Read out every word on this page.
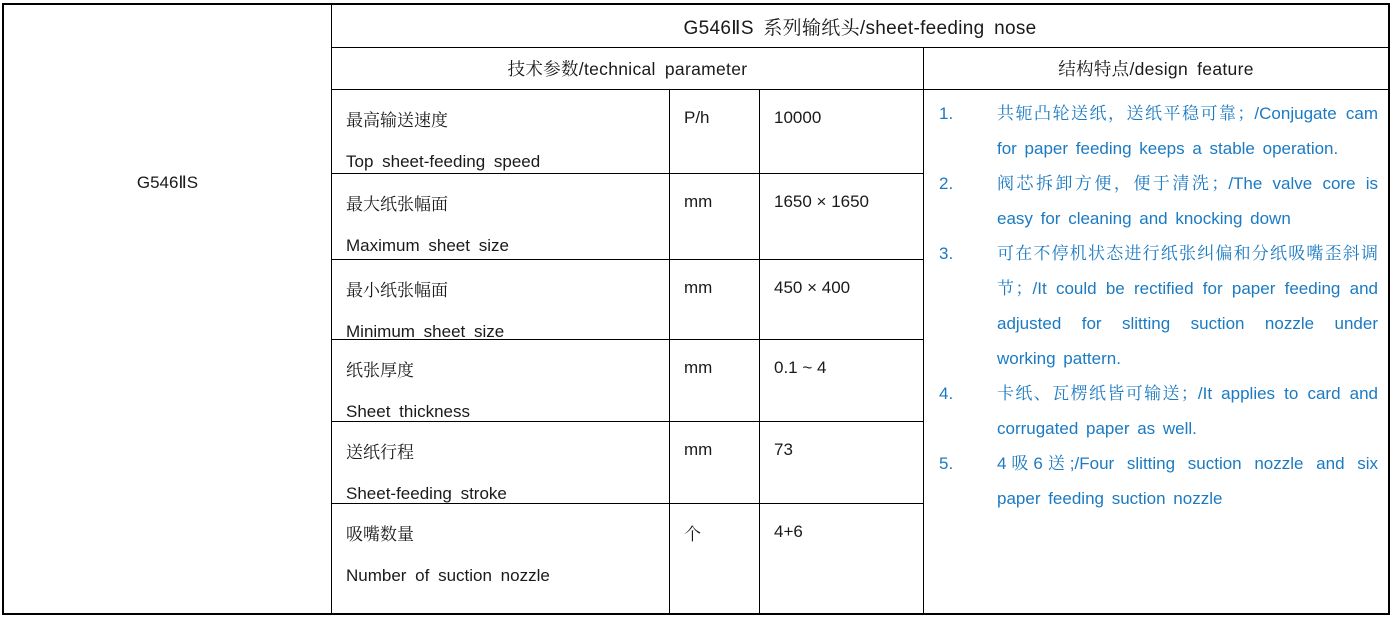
G546ⅡS
G546ⅡS 系列输纸头/sheet-feeding nose
技术参数/technical parameter	结构特点/design feature
最高输送速度
Top sheet-feeding speed
P/h	10000
最大纸张幅面
Maximum sheet size
mm	1650 × 1650
最小纸张幅面
Minimum sheet size
mm	450 × 400
纸张厚度
Sheet thickness
mm	0.1 ~ 4
送纸行程
Sheet-feeding stroke
mm	73
吸嘴数量
Number of suction nozzle
个	4+6
1.	共轭凸轮送纸，送纸平稳可靠；/Conjugate cam for paper feeding keeps a stable operation.
2.	阀芯拆卸方便，便于清洗；/The valve core is easy for cleaning and knocking down
3.	可在不停机状态进行纸张纠偏和分纸吸嘴歪斜调节；/It could be rectified for paper feeding and adjusted for slitting suction nozzle under working pattern.
4.	卡纸、瓦楞纸皆可输送；/It applies to card and corrugated paper as well.
5.	4吸6送;/Four slitting suction nozzle and six paper feeding suction nozzle
